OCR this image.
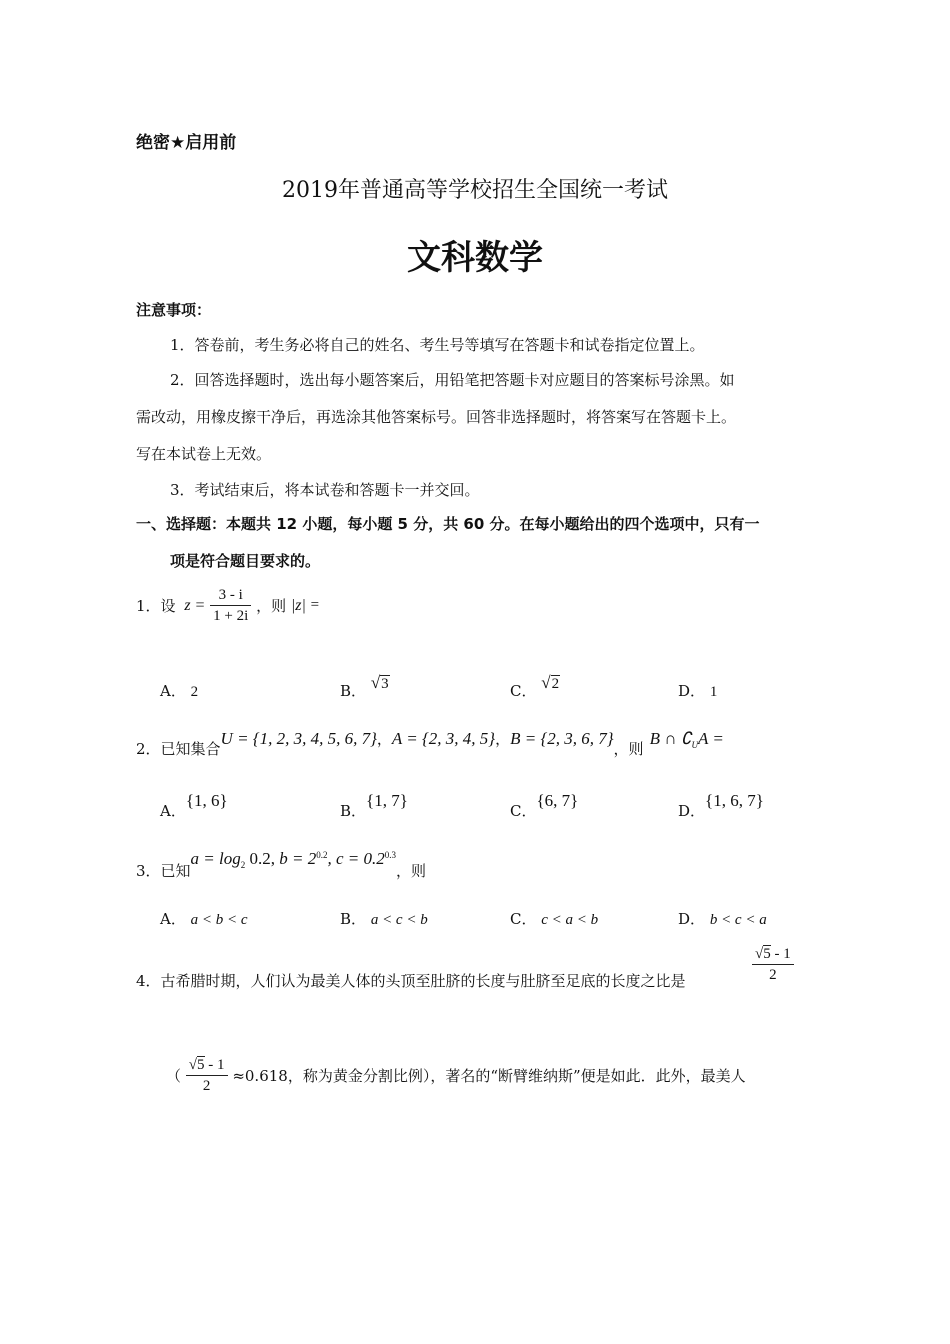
绝密★启用前
2019年普通高等学校招生全国统一考试
文科数学
注意事项：
1．答卷前，考生务必将自己的姓名、考生号等填写在答题卡和试卷指定位置上。
2．回答选择题时，选出每小题答案后，用铅笔把答题卡对应题目的答案标号涂黑。如
需改动，用橡皮擦干净后，再选涂其他答案标号。回答非选择题时，将答案写在答题卡上。
写在本试卷上无效。
3．考试结束后，将本试卷和答题卡一并交回。
一、选择题：本题共 12 小题，每小题 5 分，共 60 分。在每小题给出的四个选项中，只有一
项是符合题目要求的。
1．设 $z = \frac{3 - i}{1 + 2i}$ ，则 |z| =
A． 2	B． √3	C． √2	D． 1
2．已知集合U = {1, 2, 3, 4, 5, 6, 7}，A = {2, 3, 4, 5}，B = {2, 3, 6, 7}，则B ∩ $∁_UA$ =
A．{1, 6}
B．{1, 7}
C．{6, 7}
D．{1, 6, 7}
3．已知$a = \log_2 0.2$, $b = 2^{0.2}$, $c = 0.2^{0.3}$，则
A． a < b < c	B． a < c < b	C． c < a < b	D． b < c < a
4．古希腊时期，人们认为最美人体的头顶至肚脐的长度与肚脐至足底的长度之比是	$\frac{√5 - 1}{2}$
（ $\frac{√5 - 1}{2} \approx 0.618$，称为黄金分割比例），著名的“断臂维纳斯”便是如此．此外，最美人
